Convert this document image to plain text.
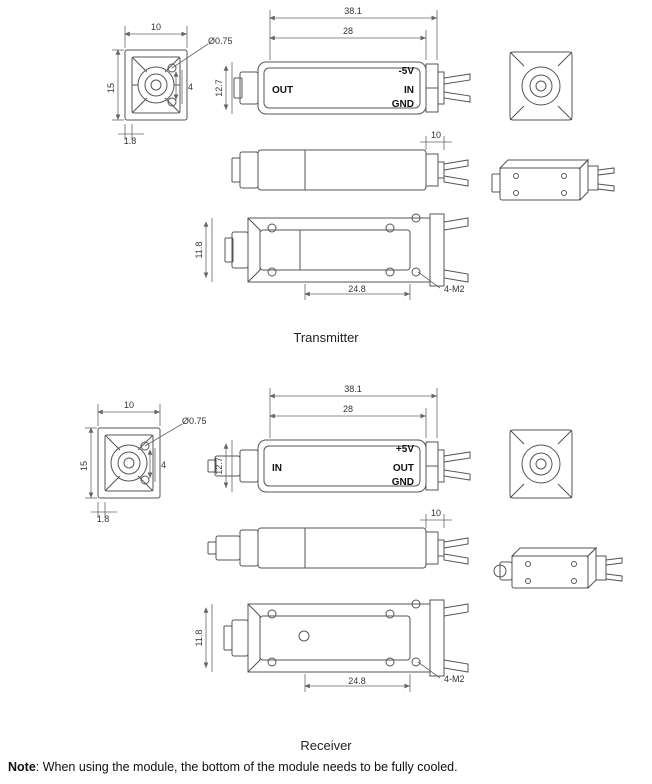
38.1
28
10
15
1.8
Ø0.75
4 12.7
10
11.8
24.8	4-M2
OUT	IN
-5V
GND
38.1
28
10
15
1.8
Ø0.75
4	12.7
10
11.8
24.8	4-M2
IN	OUT
+5V
GND
Transmitter
Receiver
Note: When using the module, the bottom of the module needs to be fully cooled.
